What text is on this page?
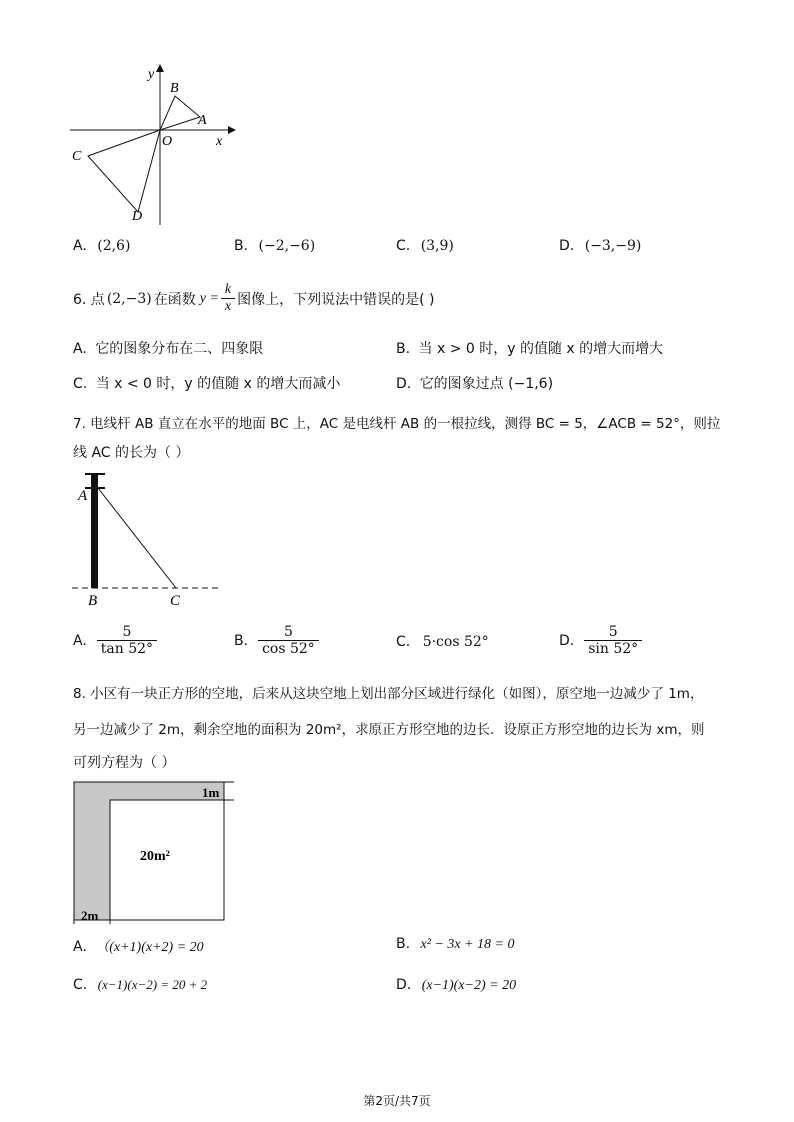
y
B
A
O	x
C
D
A. (2,6)	B. (−2,−6)	C. (3,9)	D. (−3,−9)
6. 点 (2,−3) 在函数 $y = \frac{k}{x}$ 图像上，下列说法中错误的是( )
A. 它的图象分布在二、四象限	B. 当 x > 0 时，y 的值随 x 的增大而增大
C. 当 x < 0 时，y 的值随 x 的增大而减小	D. 它的图象过点 (−1,6)
7. 电线杆 AB 直立在水平的地面 BC 上，AC 是电线杆 AB 的一根拉线，测得 BC = 5，∠ACB = 52°，则拉
线 AC 的长为（ ）
A
B	C
A. $\frac{5}{\tan 52^\circ}$	B. $\frac{5}{\cos 52^\circ}$	C. 5·cos 52°	D. $\frac{5}{\sin 52^\circ}$
8. 小区有一块正方形的空地，后来从这块空地上划出部分区域进行绿化（如图），原空地一边减少了 1m，
另一边减少了 2m，剩余空地的面积为 20m²，求原正方形空地的边长．设原正方形空地的边长为 xm，则
可列方程为（ ）
1m
20m²
2m
A. （(x+1)(x+2) = 20	B. x² − 3x + 18 = 0
C. (x−1)(x−2) = 20 + 2	D. (x−1)(x−2) = 20
第2页/共7页
